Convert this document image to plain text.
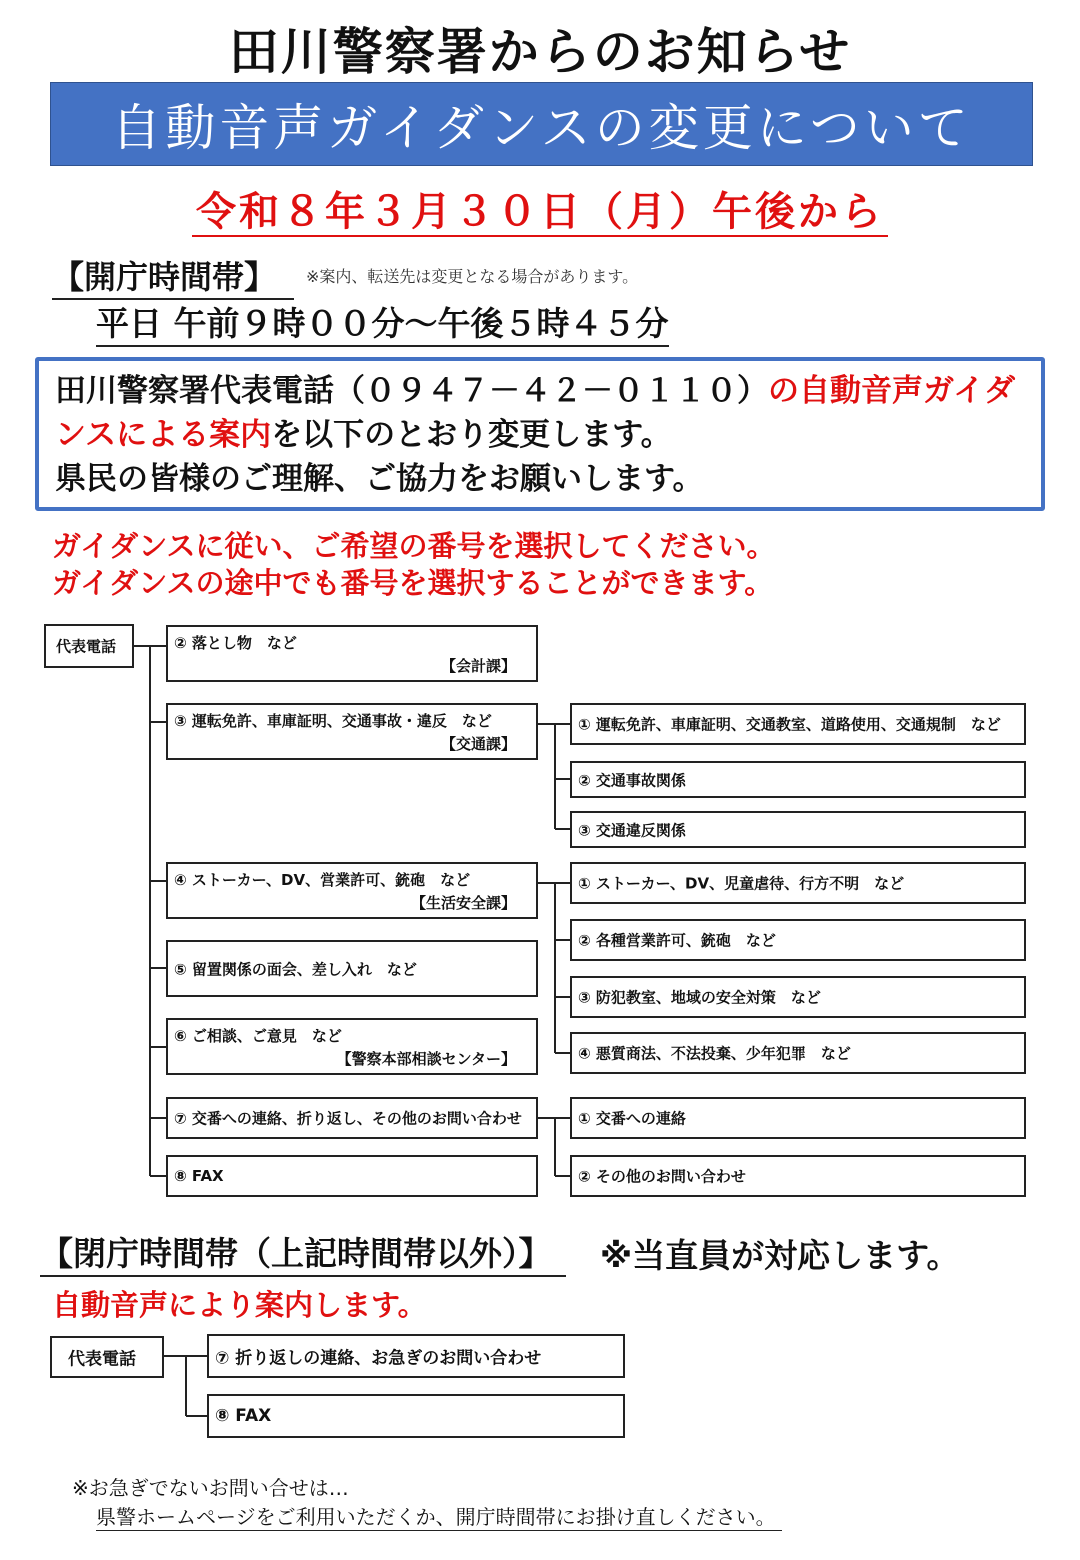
田川警察署からのお知らせ
自動音声ガイダンスの変更について
令和８年３月３０日（月）午後から
【開庁時間帯】	※案内、転送先は変更となる場合があります。
平日 午前９時００分～午後５時４５分
田川警察署代表電話（０９４７－４２－０１１０）の自動音声ガイダンスによる案内を以下のとおり変更します。
県民の皆様のご理解、ご協力をお願いします。
ガイダンスに従い、ご希望の番号を選択してください。
ガイダンスの途中でも番号を選択することができます。
代表電話	② 落とし物　など
【会計課】
③ 運転免許、車庫証明、交通事故・違反　など
【交通課】
④ ストーカー、DV、営業許可、銃砲　など
【生活安全課】
⑤ 留置関係の面会、差し入れ　など
⑥ ご相談、ご意見　など
【警察本部相談センター】
⑦ 交番への連絡、折り返し、その他のお問い合わせ
⑧ FAX
① 運転免許、車庫証明、交通教室、道路使用、交通規制　など
② 交通事故関係
③ 交通違反関係
① ストーカー、DV、児童虐待、行方不明　など
② 各種営業許可、銃砲　など
③ 防犯教室、地域の安全対策　など
④ 悪質商法、不法投棄、少年犯罪　など
① 交番への連絡
② その他のお問い合わせ
【閉庁時間帯（上記時間帯以外）】	※当直員が対応します。
自動音声により案内します。
代表電話	⑦ 折り返しの連絡、お急ぎのお問い合わせ
⑧ FAX
※お急ぎでないお問い合せは…
県警ホームページをご利用いただくか、開庁時間帯にお掛け直しください。
